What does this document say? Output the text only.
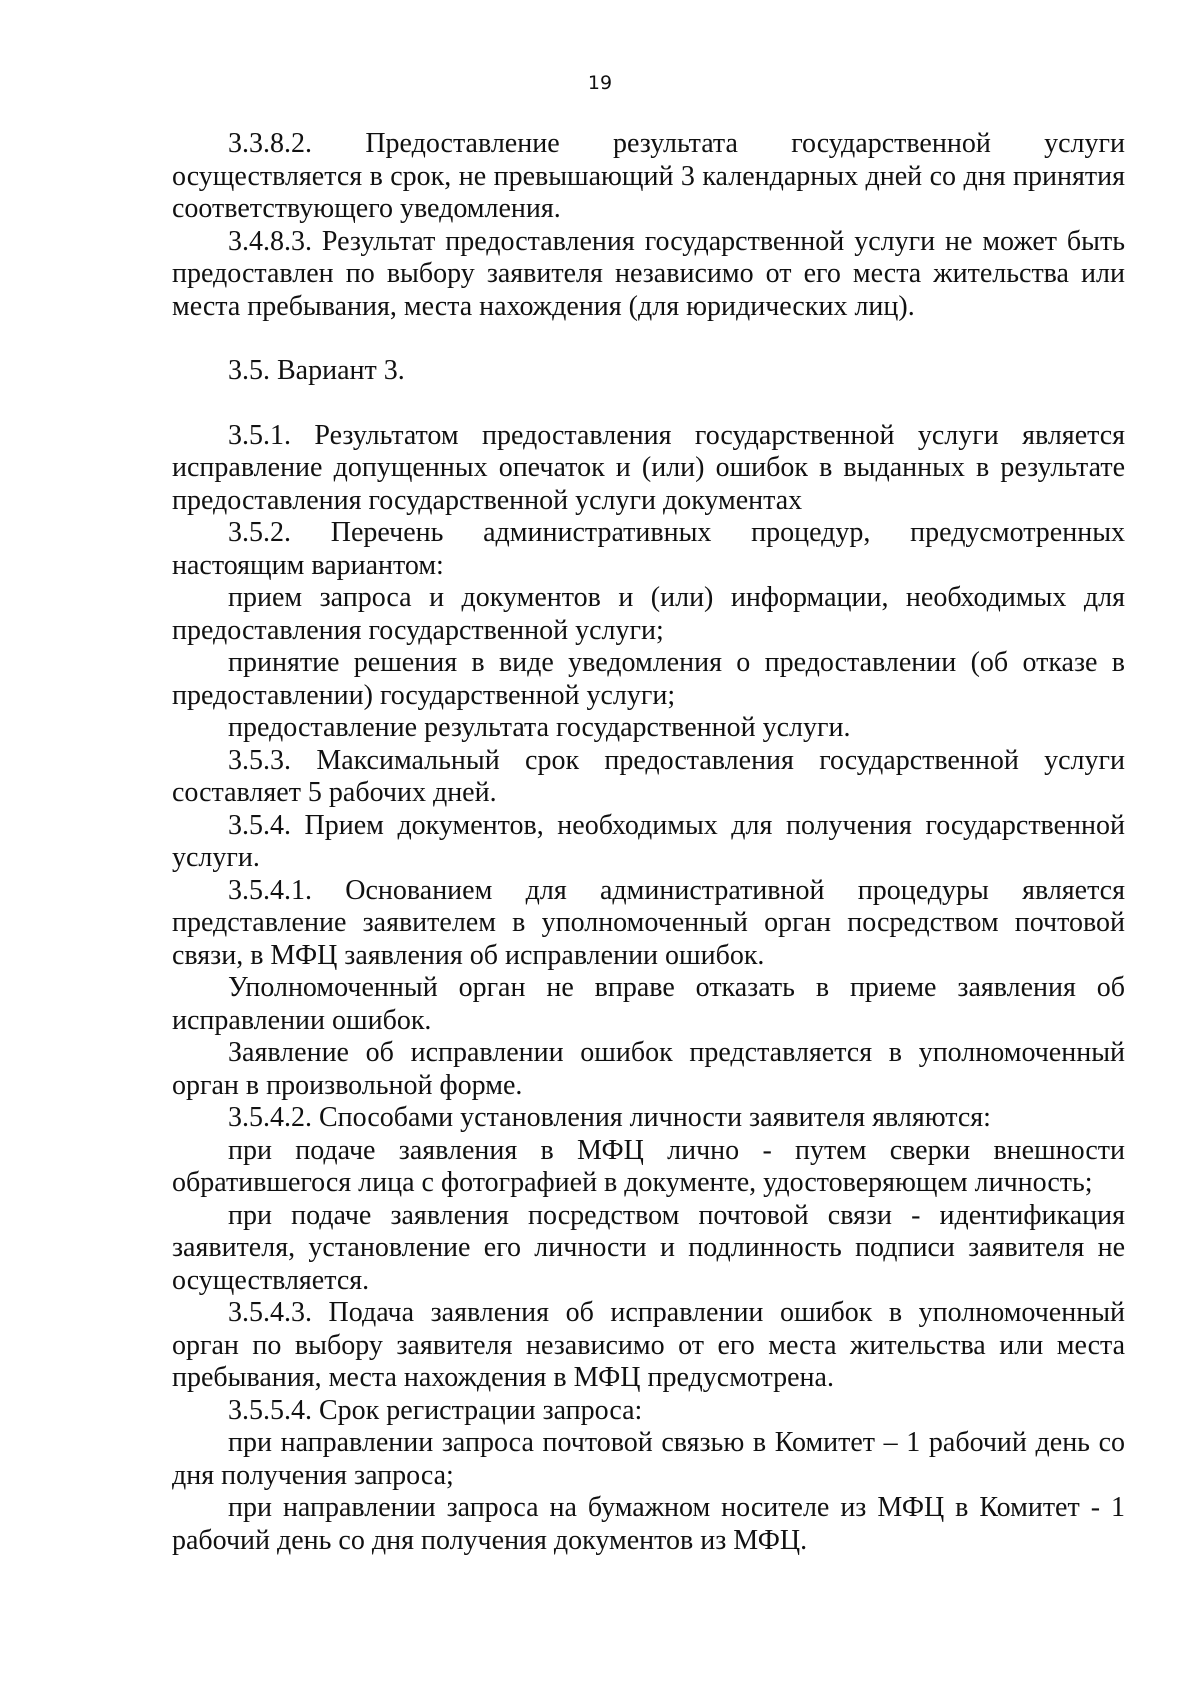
19

3.3.8.2. Предоставление результата государственной услуги осуществляется в срок, не превышающий 3 календарных дней со дня принятия соответствующего уведомления.

3.4.8.3. Результат предоставления государственной услуги не может быть предоставлен по выбору заявителя независимо от его места жительства или места пребывания, места нахождения (для юридических лиц).

3.5. Вариант 3.

3.5.1. Результатом предоставления государственной услуги является исправление допущенных опечаток и (или) ошибок в выданных в результате предоставления государственной услуги документах

3.5.2. Перечень административных процедур, предусмотренных настоящим вариантом:

прием запроса и документов и (или) информации, необходимых для предоставления государственной услуги;

принятие решения в виде уведомления о предоставлении (об отказе в предоставлении) государственной услуги;

предоставление результата государственной услуги.

3.5.3. Максимальный срок предоставления государственной услуги составляет 5 рабочих дней.

3.5.4. Прием документов, необходимых для получения государственной услуги.

3.5.4.1. Основанием для административной процедуры является представление заявителем в уполномоченный орган посредством почтовой связи, в МФЦ заявления об исправлении ошибок.

Уполномоченный орган не вправе отказать в приеме заявления об исправлении ошибок.

Заявление об исправлении ошибок представляется в уполномоченный орган в произвольной форме.

3.5.4.2. Способами установления личности заявителя являются:

при подаче заявления в МФЦ лично - путем сверки внешности обратившегося лица с фотографией в документе, удостоверяющем личность;

при подаче заявления посредством почтовой связи - идентификация заявителя, установление его личности и подлинность подписи заявителя не осуществляется.

3.5.4.3. Подача заявления об исправлении ошибок в уполномоченный орган по выбору заявителя независимо от его места жительства или места пребывания, места нахождения в МФЦ предусмотрена.

3.5.5.4. Срок регистрации запроса:

при направлении запроса почтовой связью в Комитет – 1 рабочий день со дня получения запроса;

при направлении запроса на бумажном носителе из МФЦ в Комитет - 1 рабочий день со дня получения документов из МФЦ.
